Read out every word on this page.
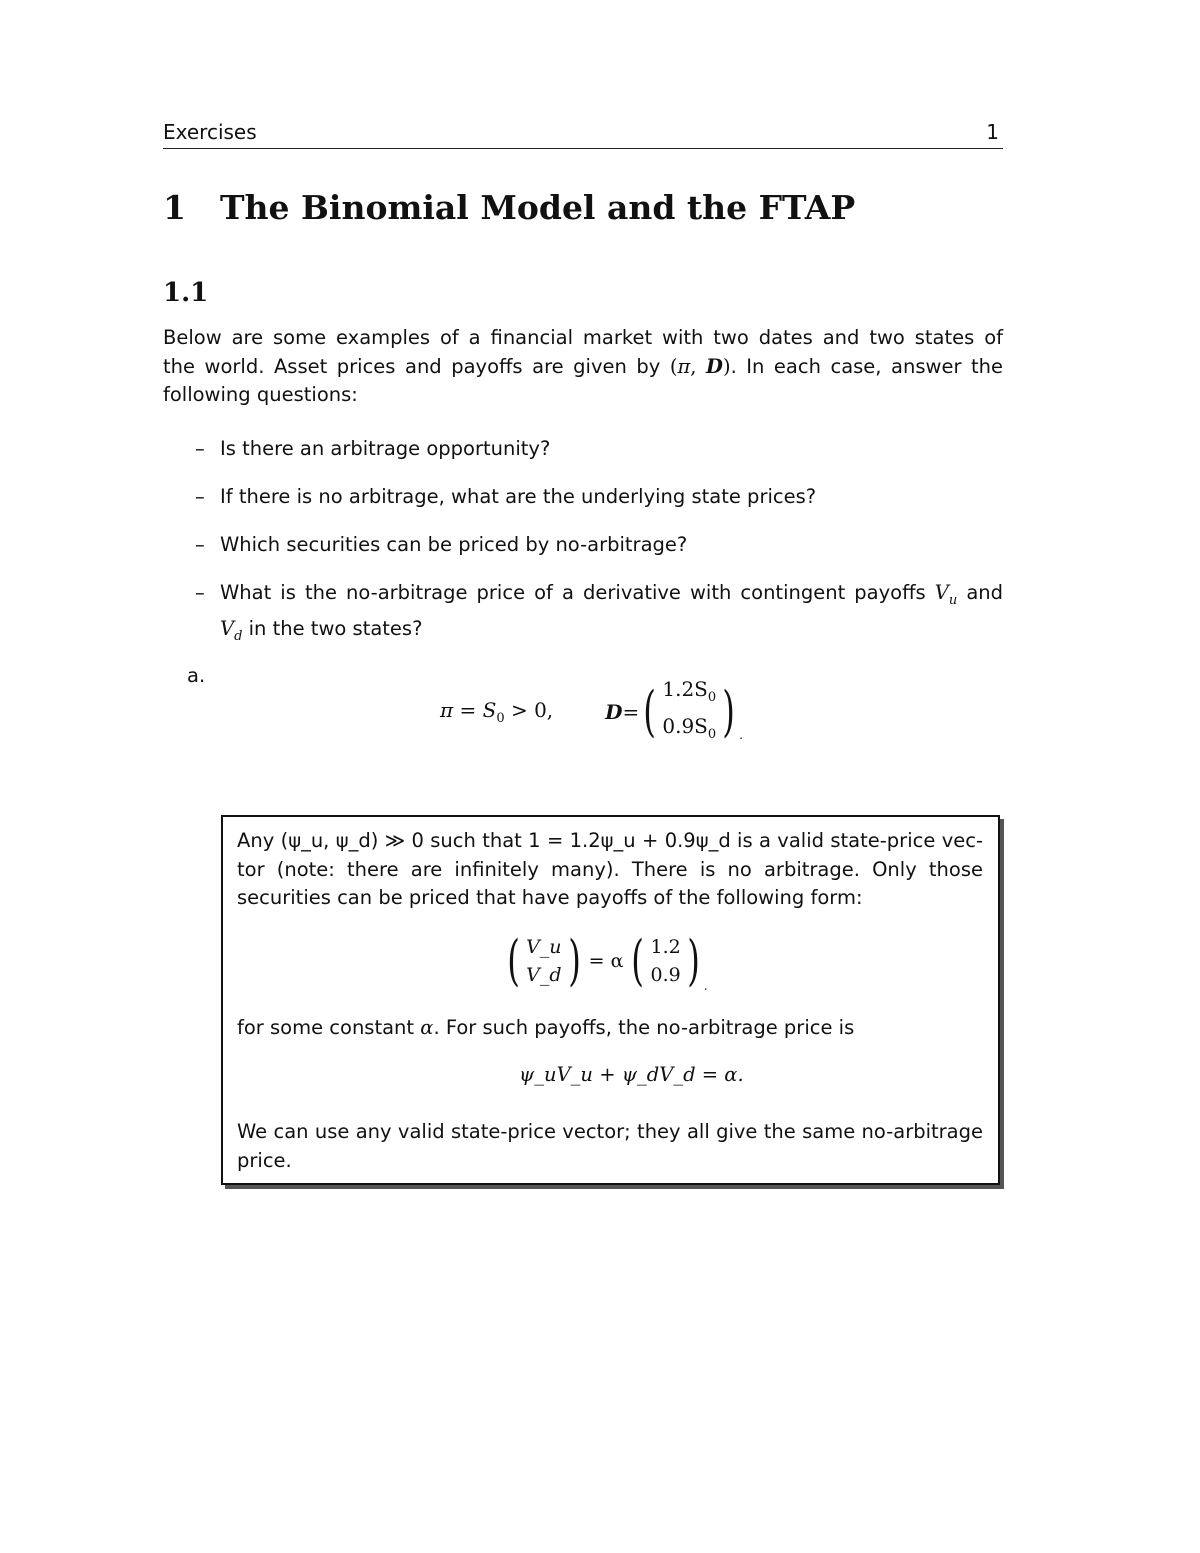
Exercises	1
1 The Binomial Model and the FTAP
1.1
Below are some examples of a financial market with two dates and two states of
the world. Asset prices and payoffs are given by (π, D). In each case, answer the
following questions:
– Is there an arbitrage opportunity?
– If there is no arbitrage, what are the underlying state prices?
– Which securities can be priced by no-arbitrage?
– What is the no-arbitrage price of a derivative with contingent payoffs $V_u$ and
$V_d$ in the two states?
a.
$\pi = S_0 > 0$,	D = ( $1.2S_0$
$0.9S_0$ ) .
Any (ψ_u, ψ_d) ≫ 0 such that 1 = 1.2ψ_u + 0.9ψ_d is a valid state-price vec-
tor (note: there are infinitely many). There is no arbitrage. Only those
securities can be priced that have payoffs of the following form:
( V_u
V_d ) = α ( 1.2
0.9 ) .
for some constant α. For such payoffs, the no-arbitrage price is
ψ_uV_u + ψ_dV_d = α.
We can use any valid state-price vector; they all give the same no-arbitrage
price.
